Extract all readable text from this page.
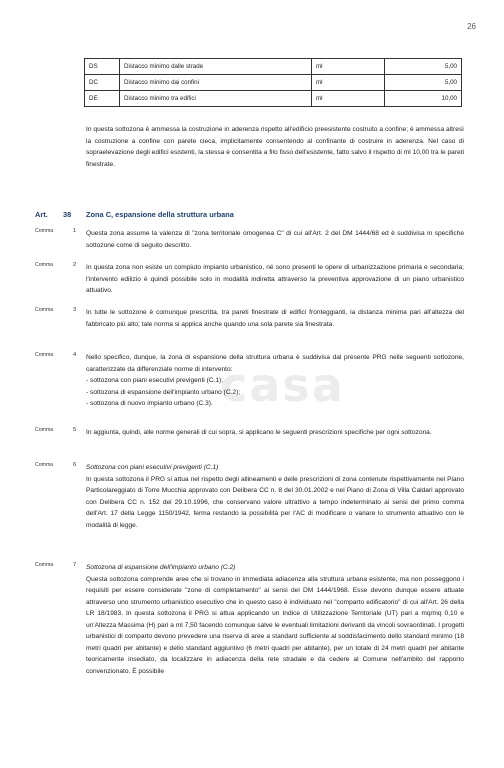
26
DS	Distacco minimo dalle strade	ml	5,00
DC	Distacco minimo dai confini	ml	5,00
DE	Distacco minimo tra edifici	ml	10,00
In questa sottozona è ammessa la costruzione in aderenza rispetto all'edificio preesistente costruito a confine; è ammessa altresì la costruzione a confine con parete cieca, implicitamente consentendo al confinante di costruire in aderenza. Nel caso di sopraelevazione degli edifici esistenti, la stessa è consentita a filo fisso dell'esistente, fatto salvo il rispetto di ml 10,00 tra le pareti finestrate.
Art. 38 Zona C, espansione della struttura urbana
casa
Comma	1 Questa zona assume la valenza di "zona territoriale omogenea C" di cui all'Art. 2 del DM 1444/68 ed è suddivisa in specifiche sottozone come di seguito descritto.
Comma	2 In questa zona non esiste un compiuto impianto urbanistico, né sono presenti le opere di urbanizzazione primaria e secondaria; l'intervento edilizio è quindi possibile solo in modalità indiretta attraverso la preventiva approvazione di un piano urbanistico attuativo.
Comma	3 In tutte le sottozone è comunque prescritta, tra pareti finestrate di edifici fronteggianti, la distanza minima pari all'altezza del fabbricato più alto; tale norma si applica anche quando una sola parete sia finestrata.
Comma	4 Nello specifico, dunque, la zona di espansione della struttura urbana è suddivisa dal presente PRG nelle seguenti sottozone, caratterizzate da differenziate norme di intervento:
- sottozona con piani esecutivi previgenti (C.1);
- sottozona di espansione dell'impianto urbano (C.2);
- sottozona di nuovo impianto urbano (C.3).
Comma	5 In aggiunta, quindi, alle norme generali di cui sopra, si applicano le seguenti prescrizioni specifiche per ogni sottozona.
Comma	6 Sottozona con piani esecutivi previgenti (C.1)
In questa sottozona il PRG si attua nel rispetto degli allineamenti e delle prescrizioni di zona contenute rispettivamente nel Piano Particolareggiato di Torre Mucchia approvato con Delibera CC n. 8 del 30.01.2002 e nel Piano di Zona di Villa Caldari approvato con Delibera CC n. 152 del 29.10.1996, che conservano valore ultrattivo a tempo indeterminato ai sensi del primo comma dell'Art. 17 della Legge 1150/1942, ferma restando la possibilità per l'AC di modificare o variare lo strumento attuativo con le modalità di legge.
Comma	7 Sottozona di espansione dell'impianto urbano (C.2)
Questa sottozona comprende aree che si trovano in immediata adiacenza alla struttura urbana esistente, ma non posseggono i requisiti per essere considerate "zone di completamento" ai sensi del DM 1444/1968. Esse devono dunque essere attuate attraverso uno strumento urbanistico esecutivo che in questo caso è individuato nel "comparto edificatorio" di cui all'Art. 26 della LR 18/1983. In questa sottozona il PRG si attua applicando un Indice di Utilizzazione Territoriale (UT) pari a mq/mq 0,10 e un'Altezza Massima (H) pari a ml 7,50 facendo comunque salve le eventuali limitazioni derivanti da vincoli sovraordinati. I progetti urbanistici di comparto devono prevedere una riserva di aree a standard sufficiente al soddisfacimento dello standard minimo (18 metri quadri per abitante) e dello standard aggiuntivo (6 metri quadri per abitante), per un totale di 24 metri quadri per abitante teoricamente insediato, da localizzare in adiacenza della rete stradale e da cedere al Comune nell'ambito del rapporto convenzionato. È possibile
